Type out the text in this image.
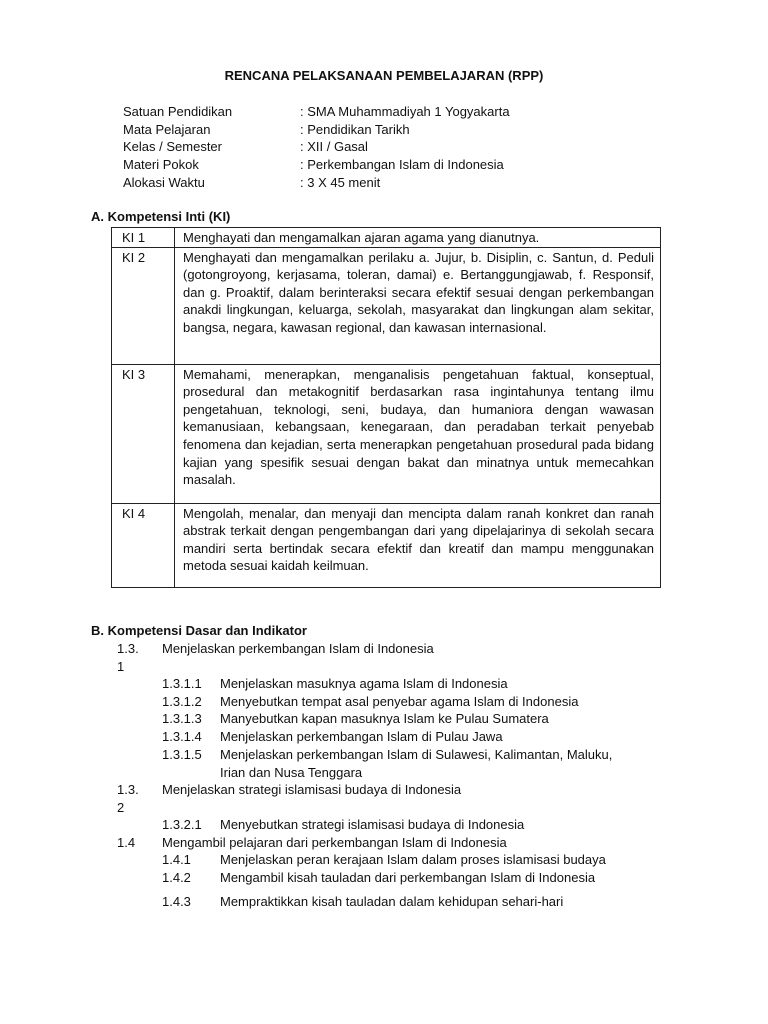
RENCANA PELAKSANAAN PEMBELAJARAN (RPP)
Satuan Pendidikan	: SMA Muhammadiyah 1 Yogyakarta
Mata Pelajaran	: Pendidikan Tarikh
Kelas / Semester	: XII / Gasal
Materi Pokok	: Perkembangan Islam di Indonesia
Alokasi Waktu	: 3 X 45 menit
A. Kompetensi Inti (KI)
KI 1	Menghayati dan mengamalkan ajaran agama yang dianutnya.
KI 2	Menghayati dan mengamalkan perilaku a. Jujur, b. Disiplin, c. Santun, d. Peduli (gotongroyong, kerjasama, toleran, damai) e. Bertanggungjawab, f. Responsif, dan g. Proaktif, dalam berinteraksi secara efektif sesuai dengan perkembangan anakdi lingkungan, keluarga, sekolah, masyarakat dan lingkungan alam sekitar, bangsa, negara, kawasan regional, dan kawasan internasional.
KI 3	Memahami, menerapkan, menganalisis pengetahuan faktual, konseptual, prosedural dan metakognitif berdasarkan rasa ingintahunya tentang ilmu pengetahuan, teknologi, seni, budaya, dan humaniora dengan wawasan kemanusiaan, kebangsaan, kenegaraan, dan peradaban terkait penyebab fenomena dan kejadian, serta menerapkan pengetahuan prosedural pada bidang kajian yang spesifik sesuai dengan bakat dan minatnya untuk memecahkan masalah.
KI 4	Mengolah, menalar, dan menyaji dan mencipta dalam ranah konkret dan ranah abstrak terkait dengan pengembangan dari yang dipelajarinya di sekolah secara mandiri serta bertindak secara efektif dan kreatif dan mampu menggunakan metoda sesuai kaidah keilmuan.
B. Kompetensi Dasar dan Indikator
1.3. Menjelaskan perkembangan Islam di Indonesia
1
1.3.1.1 Menjelaskan masuknya agama Islam di Indonesia
1.3.1.2 Menyebutkan tempat asal penyebar agama Islam di Indonesia
1.3.1.3 Manyebutkan kapan masuknya Islam ke Pulau Sumatera
1.3.1.4 Menjelaskan perkembangan Islam di Pulau Jawa
1.3.1.5 Menjelaskan perkembangan Islam di Sulawesi, Kalimantan, Maluku,
Irian dan Nusa Tenggara
1.3. Menjelaskan strategi islamisasi budaya di Indonesia
2
1.3.2.1 Menyebutkan strategi islamisasi budaya di Indonesia
1.4 Mengambil pelajaran dari perkembangan Islam di Indonesia
1.4.1 Menjelaskan peran kerajaan Islam dalam proses islamisasi budaya
1.4.2 Mengambil kisah tauladan dari perkembangan Islam di Indonesia
1.4.3 Mempraktikkan kisah tauladan dalam kehidupan sehari-hari
